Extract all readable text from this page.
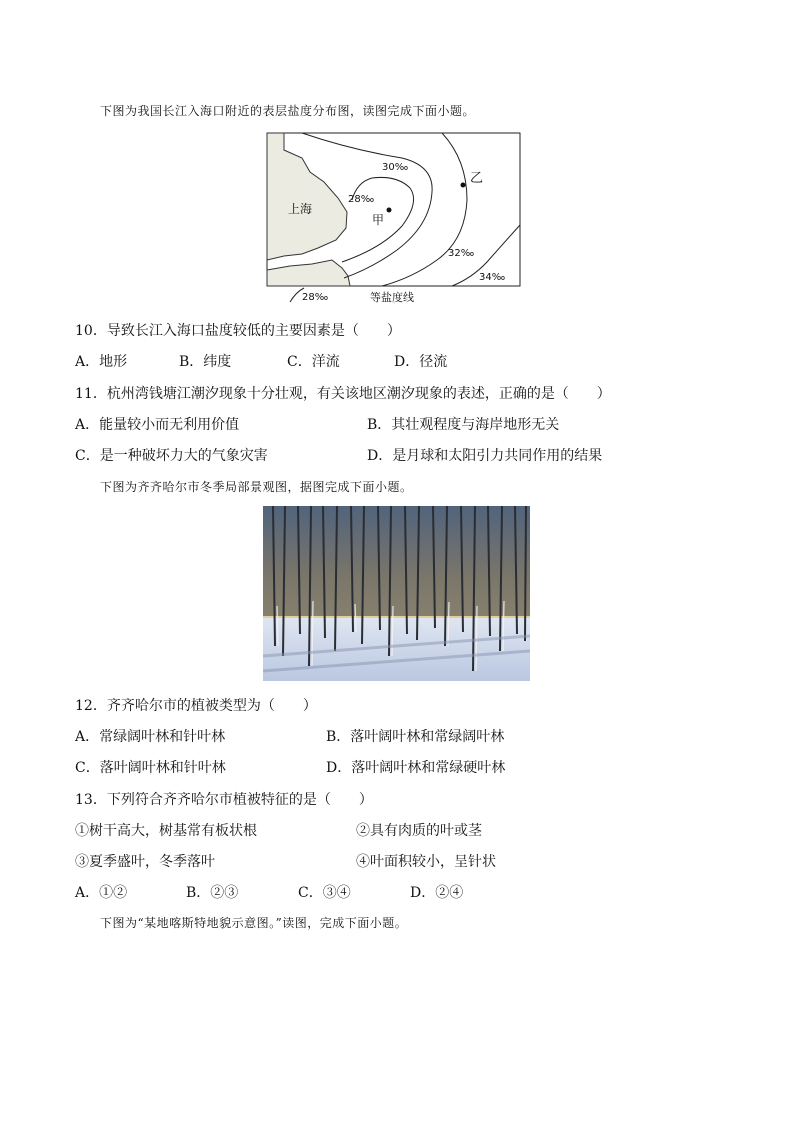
下图为我国长江入海口附近的表层盐度分布图，读图完成下面小题。
上海
甲
乙
28‰
30‰
32‰
34‰
28‰	等盐度线
10．导致长江入海口盐度较低的主要因素是（　　）
A．地形	B．纬度	C．洋流	D．径流
11．杭州湾钱塘江潮汐现象十分壮观，有关该地区潮汐现象的表述，正确的是（　　）
A．能量较小而无利用价值	B．其壮观程度与海岸地形无关
C．是一种破坏力大的气象灾害	D．是月球和太阳引力共同作用的结果
下图为齐齐哈尔市冬季局部景观图，据图完成下面小题。
12．齐齐哈尔市的植被类型为（　　）
A．常绿阔叶林和针叶林	B．落叶阔叶林和常绿阔叶林
C．落叶阔叶林和针叶林	D．落叶阔叶林和常绿硬叶林
13．下列符合齐齐哈尔市植被特征的是（　　）
①树干高大，树基常有板状根	②具有肉质的叶或茎
③夏季盛叶，冬季落叶	④叶面积较小，呈针状
A．①②	B．②③	C．③④	D．②④
下图为“某地喀斯特地貌示意图。”读图，完成下面小题。
